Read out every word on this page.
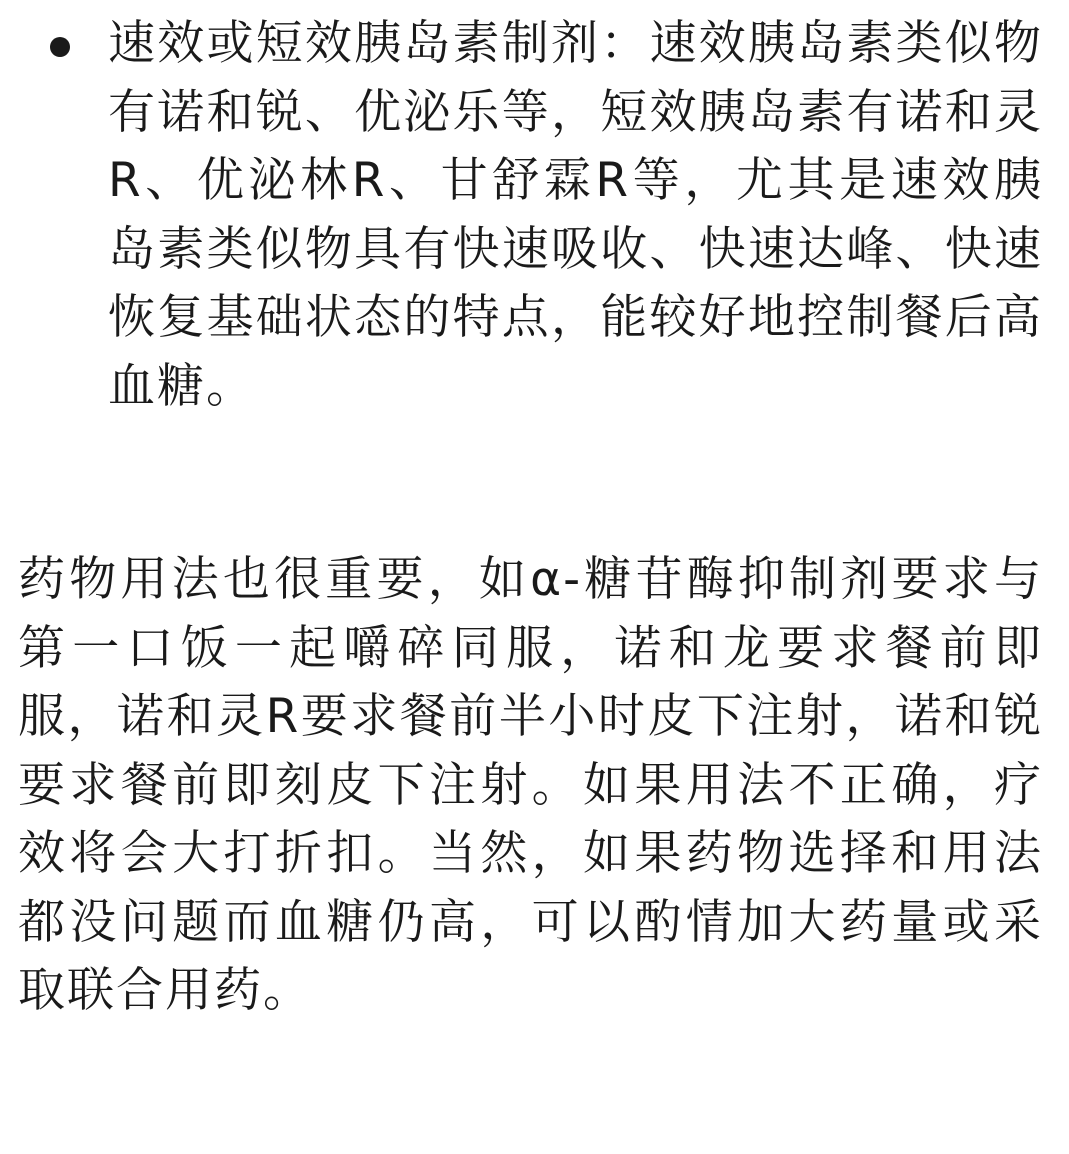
速效或短效胰岛素制剂：速效胰岛素类似物有诺和锐、优泌乐等，短效胰岛素有诺和灵R、优泌林R、甘舒霖R等，尤其是速效胰岛素类似物具有快速吸收、快速达峰、快速恢复基础状态的特点，能较好地控制餐后高血糖。

药物用法也很重要，如α-糖苷酶抑制剂要求与第一口饭一起嚼碎同服，诺和龙要求餐前即服，诺和灵R要求餐前半小时皮下注射，诺和锐要求餐前即刻皮下注射。如果用法不正确，疗效将会大打折扣。当然，如果药物选择和用法都没问题而血糖仍高，可以酌情加大药量或采取联合用药。
